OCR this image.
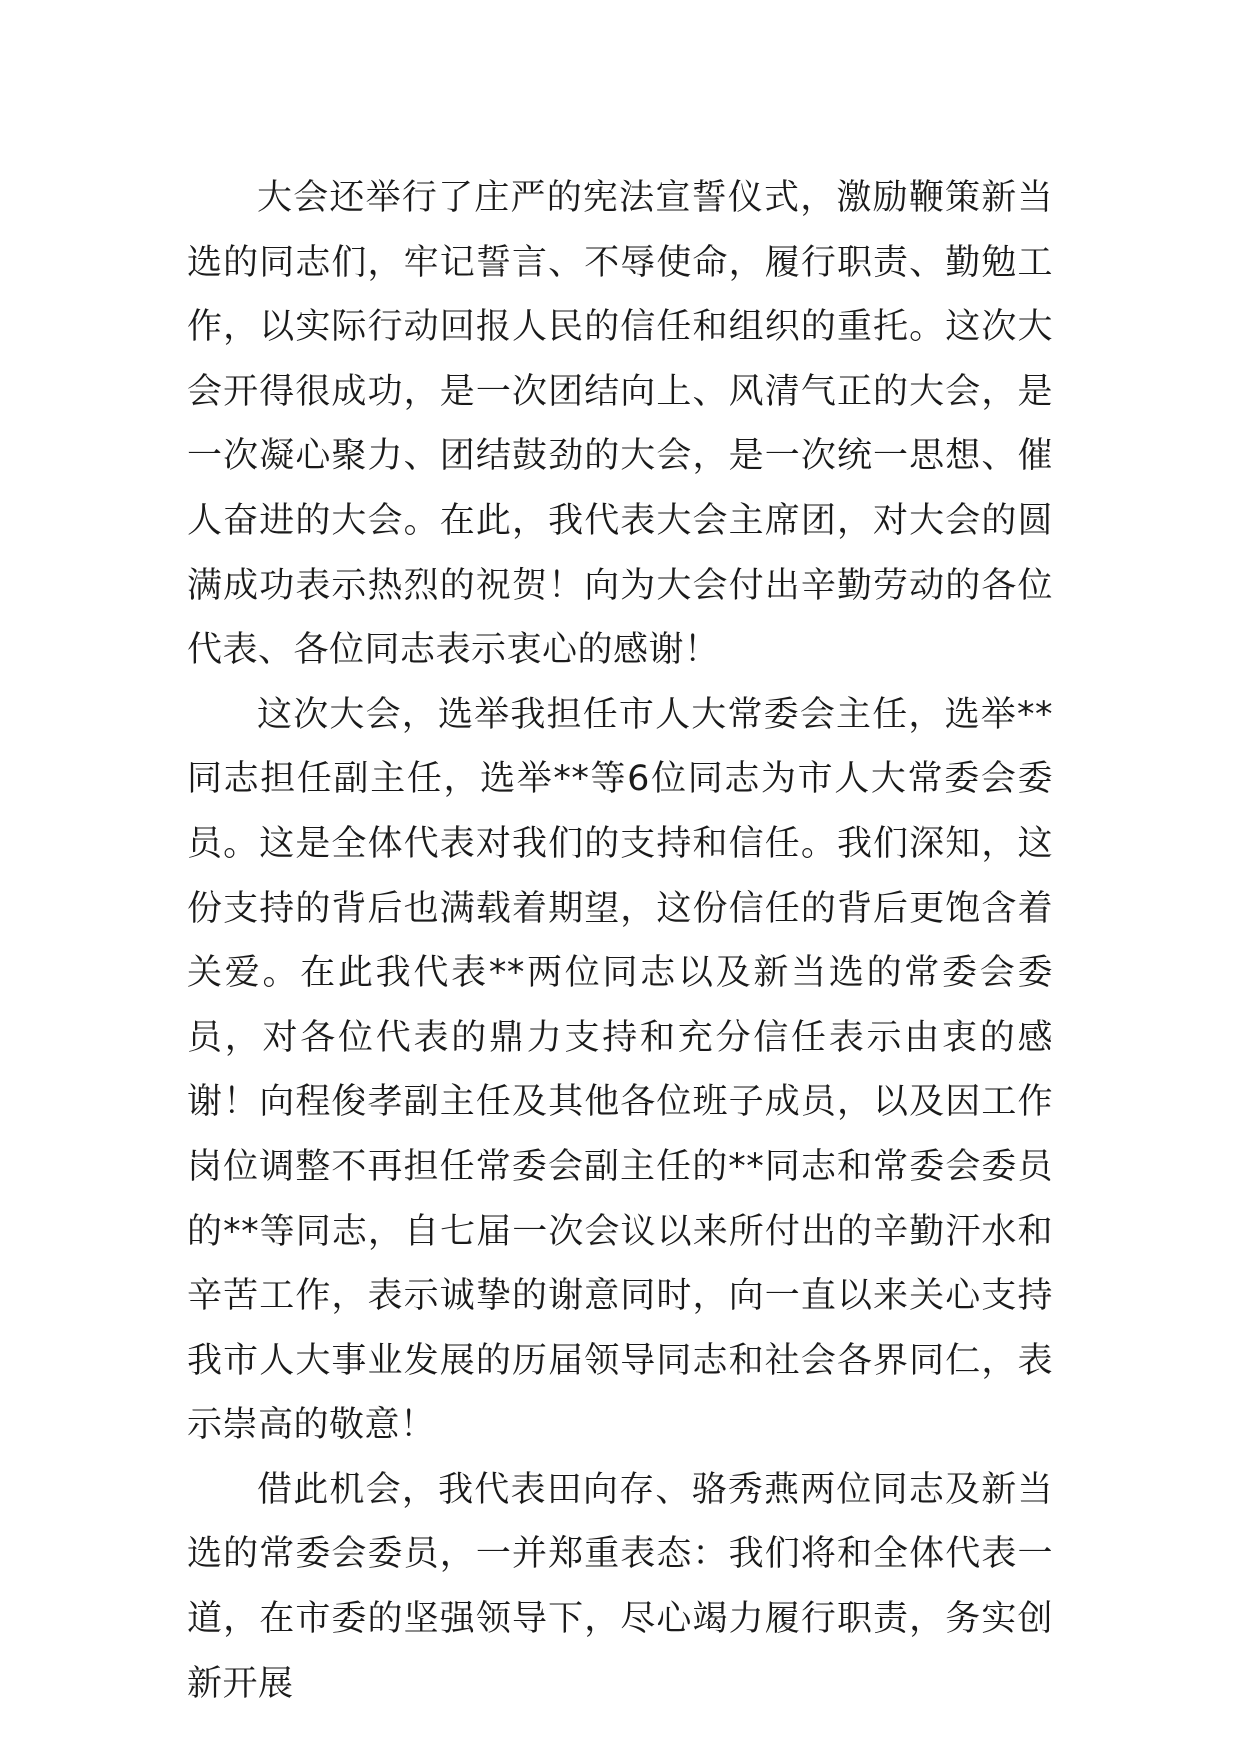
大会还举行了庄严的宪法宣誓仪式，激励鞭策新当选的同志们，牢记誓言、不辱使命，履行职责、勤勉工作，以实际行动回报人民的信任和组织的重托。这次大会开得很成功，是一次团结向上、风清气正的大会，是一次凝心聚力、团结鼓劲的大会，是一次统一思想、催人奋进的大会。在此，我代表大会主席团，对大会的圆满成功表示热烈的祝贺！向为大会付出辛勤劳动的各位代表、各位同志表示衷心的感谢！

这次大会，选举我担任市人大常委会主任，选举**同志担任副主任，选举**等6位同志为市人大常委会委员。这是全体代表对我们的支持和信任。我们深知，这份支持的背后也满载着期望，这份信任的背后更饱含着关爱。在此我代表**两位同志以及新当选的常委会委员，对各位代表的鼎力支持和充分信任表示由衷的感谢！向程俊孝副主任及其他各位班子成员，以及因工作岗位调整不再担任常委会副主任的**同志和常委会委员的**等同志，自七届一次会议以来所付出的辛勤汗水和辛苦工作，表示诚挚的谢意同时，向一直以来关心支持我市人大事业发展的历届领导同志和社会各界同仁，表示崇高的敬意！

借此机会，我代表田向存、骆秀燕两位同志及新当选的常委会委员，一并郑重表态：我们将和全体代表一道，在市委的坚强领导下，尽心竭力履行职责，务实创新开展
